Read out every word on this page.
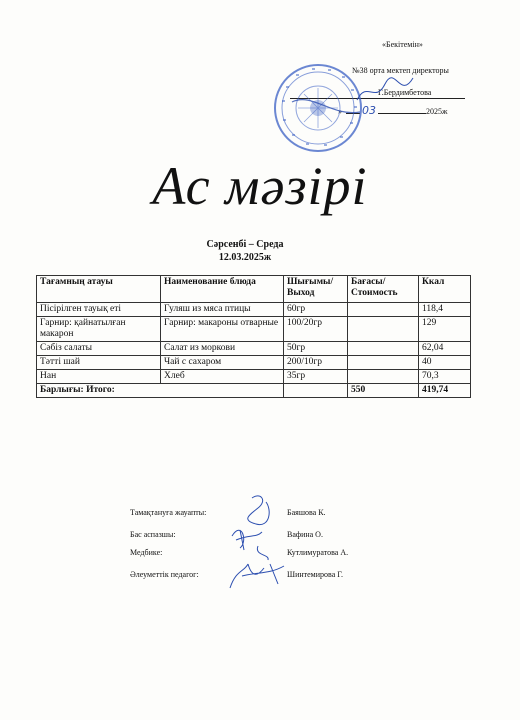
«Бекітемін»
№38 орта мектеп директоры
Г.Бердимбетова
» 03	2025ж
Ас мәзірі
Сәрсенбі – Среда
12.03.2025ж
Тағамның атауы	Наименование блюда	Шығымы/ Выход	Бағасы/ Стоимость	Ккал
Пісірілген тауық еті	Гуляш из мяса птицы	60гр		118,4
Гарнир: қайнатылған макарон	Гарнир: макароны отварные	100/20гр		129
Сәбіз салаты	Салат из моркови	50гр		62,04
Тәтті шай	Чай с сахаром	200/10гр		40
Нан	Хлеб	35гр		70,3
Барлығы: Итого:			550	419,74
Тамақтануға жауапты:	Баяшова К.
Бас аспазшы:	Вафина О.
Медбике:	Кутлимуратова А.
Әлеуметтік педагог:	Шинтемирова Г.
